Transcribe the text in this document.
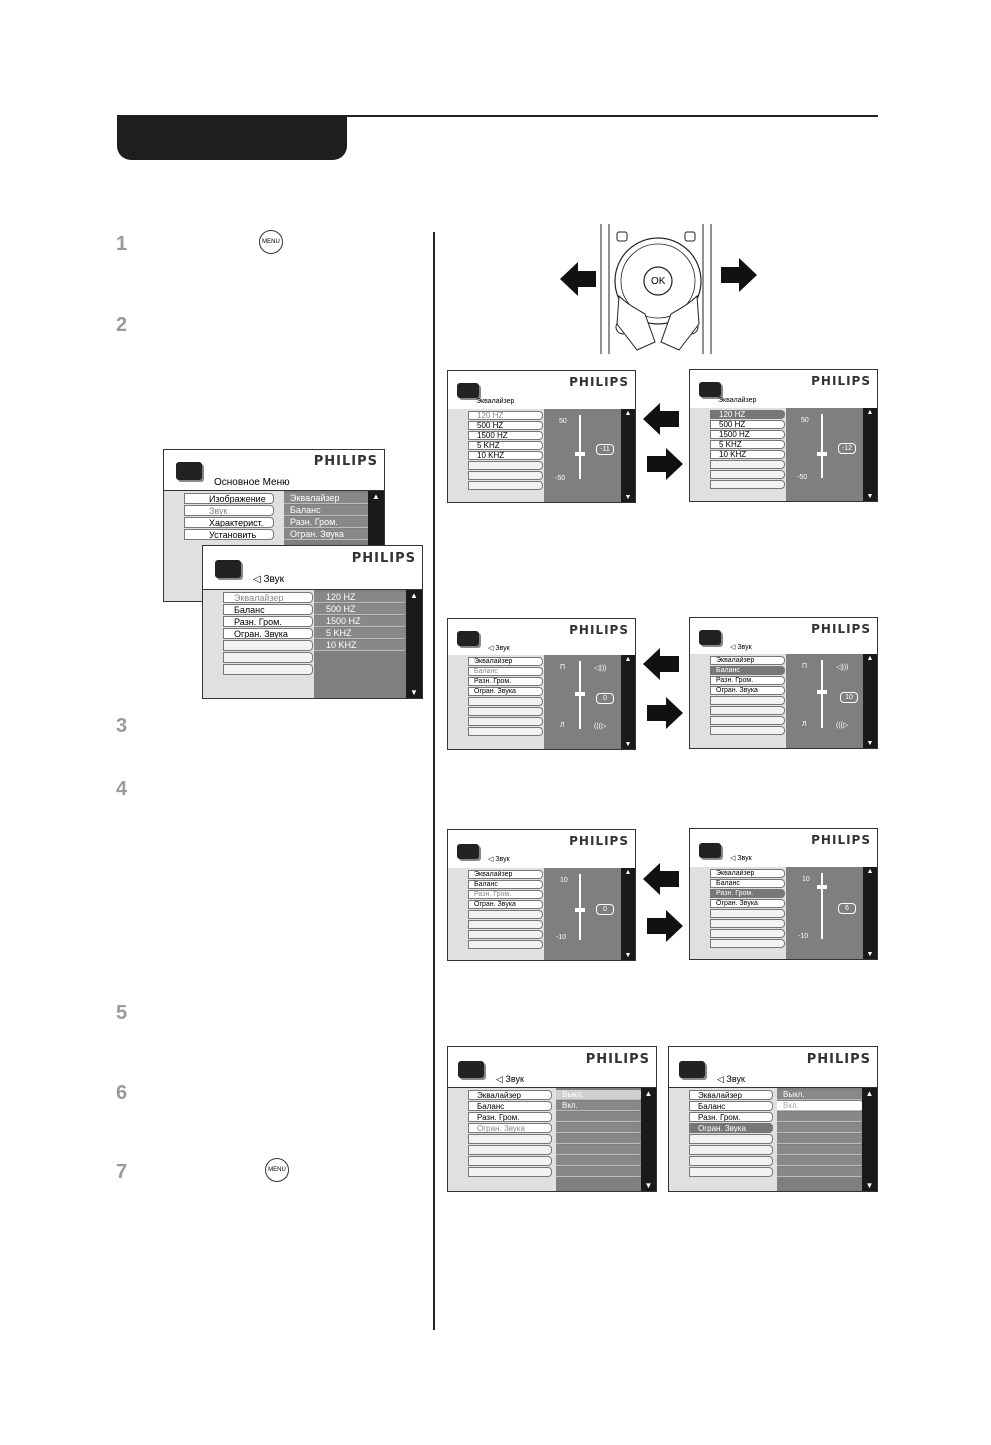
1	MENU
2
3
4
5
6
7	MENU
PHILIPS
Основное Меню
Изображение
Звук
Характерист.
Установить
Эквалайзер
Баланс
Разн. Гром.
Огран. Звука
▲
PHILIPS
◁ Звук
Эквалайзер
Баланс
Разн. Гром.
Огран. Звука
120 HZ
500 HZ
1500 HZ
5 KHZ
10 KHZ
▲
▼
OK
PHILIPS
Эквалайзер
120 HZ
500 HZ
1500 HZ
5 KHZ
10 KHZ
50
-50
-11
▲
▼
PHILIPS
Эквалайзер
120 HZ
500 HZ
1500 HZ
5 KHZ
10 KHZ
50
-50
-12
▲
▼
PHILIPS
◁ Звук
Эквалайзер
Баланс
Разн. Гром.
Огран. Звука
П
Л
◁)))
(((▷
0
▲
▼
PHILIPS
◁ Звук
Эквалайзер
Баланс
Разн. Гром.
Огран. Звука
П
Л
◁)))
(((▷
10
▲
▼
PHILIPS
◁ Звук
Эквалайзер
Баланс
Разн. Гром.
Огран. Звука
10
-10
0
▲
▼
PHILIPS
◁ Звук
Эквалайзер
Баланс
Разн. Гром.
Огран. Звука
10
-10
6
▲
▼
PHILIPS
◁ Звук
Эквалайзер
Баланс
Разн. Гром.
Огран. Звука
Выкл.
Вкл.
▲
▼
PHILIPS
◁ Звук
Эквалайзер
Баланс
Разн. Гром.
Огран. Звука
Выкл.
Вкл.
▲
▼
